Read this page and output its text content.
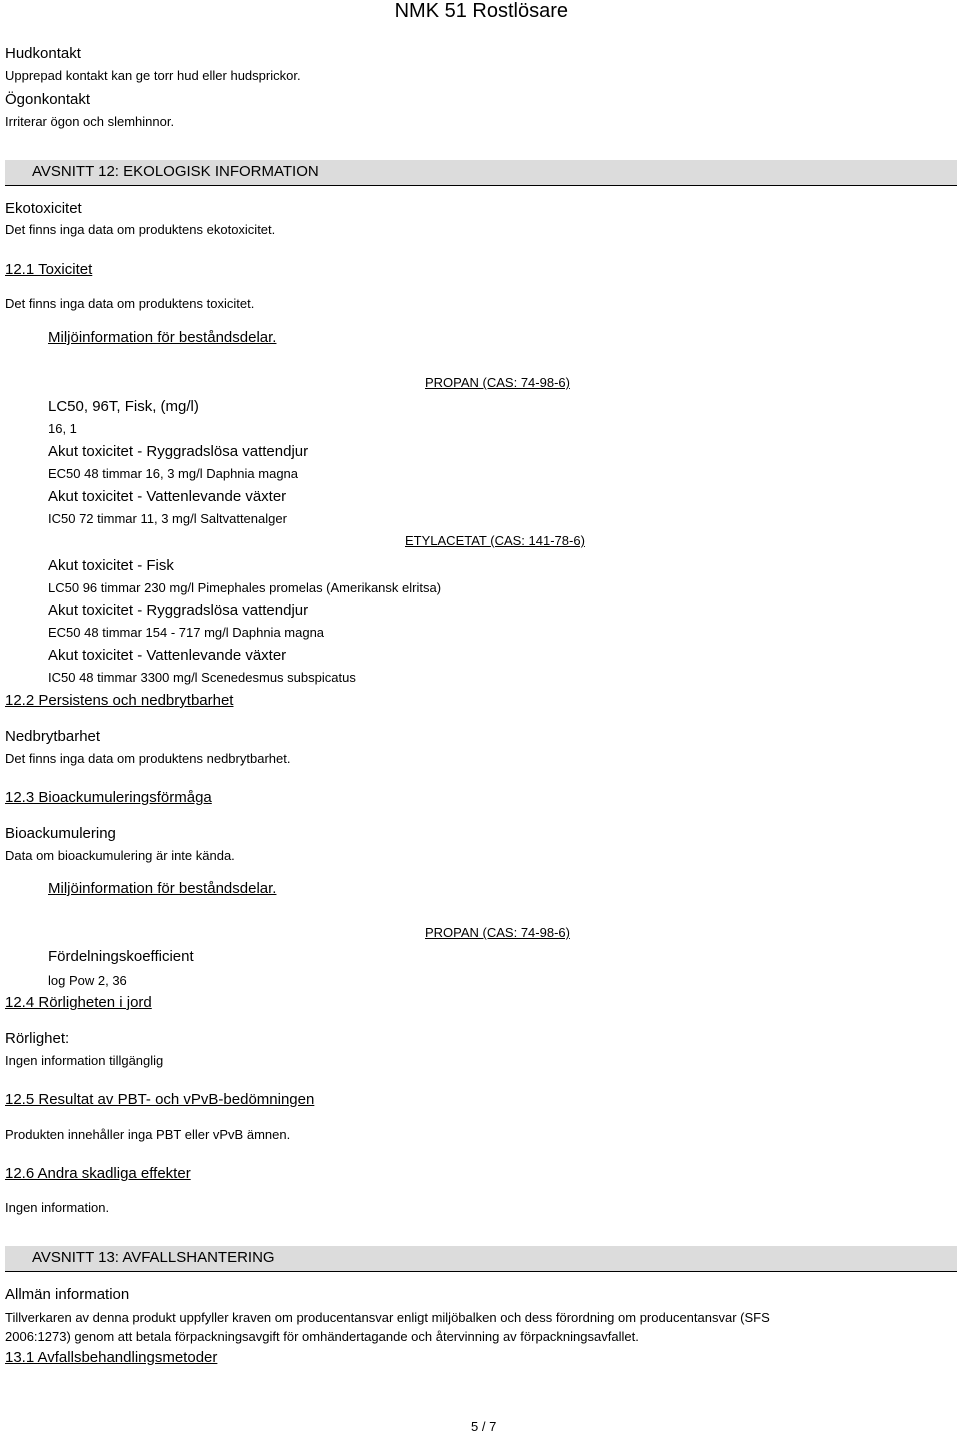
NMK 51 Rostlösare
Hudkontakt
Upprepad kontakt kan ge torr hud eller hudsprickor.
Ögonkontakt
Irriterar ögon och slemhinnor.
AVSNITT 12: EKOLOGISK INFORMATION
Ekotoxicitet
Det finns inga data om produktens ekotoxicitet.
12.1 Toxicitet
Det finns inga data om produktens toxicitet.
Miljöinformation för beståndsdelar.
PROPAN (CAS: 74-98-6)
LC50, 96T, Fisk, (mg/l)
16, 1
Akut toxicitet - Ryggradslösa vattendjur
EC50 48 timmar 16, 3 mg/l Daphnia magna
Akut toxicitet - Vattenlevande växter
IC50 72 timmar 11, 3 mg/l Saltvattenalger
ETYLACETAT (CAS: 141-78-6)
Akut toxicitet - Fisk
LC50 96 timmar 230 mg/l Pimephales promelas (Amerikansk elritsa)
Akut toxicitet - Ryggradslösa vattendjur
EC50 48 timmar 154 - 717 mg/l Daphnia magna
Akut toxicitet - Vattenlevande växter
IC50 48 timmar 3300 mg/l Scenedesmus subspicatus
12.2 Persistens och nedbrytbarhet
Nedbrytbarhet
Det finns inga data om produktens nedbrytbarhet.
12.3 Bioackumuleringsförmåga
Bioackumulering
Data om bioackumulering är inte kända.
Miljöinformation för beståndsdelar.
PROPAN (CAS: 74-98-6)
Fördelningskoefficient
log Pow 2, 36
12.4 Rörligheten i jord
Rörlighet:
Ingen information tillgänglig
12.5 Resultat av PBT- och vPvB-bedömningen
Produkten innehåller inga PBT eller vPvB ämnen.
12.6 Andra skadliga effekter
Ingen information.
AVSNITT 13: AVFALLSHANTERING
Allmän information
Tillverkaren av denna produkt uppfyller kraven om producentansvar enligt miljöbalken och dess förordning om producentansvar (SFS
2006:1273) genom att betala förpackningsavgift för omhändertagande och återvinning av förpackningsavfallet.
13.1 Avfallsbehandlingsmetoder
5 / 7
